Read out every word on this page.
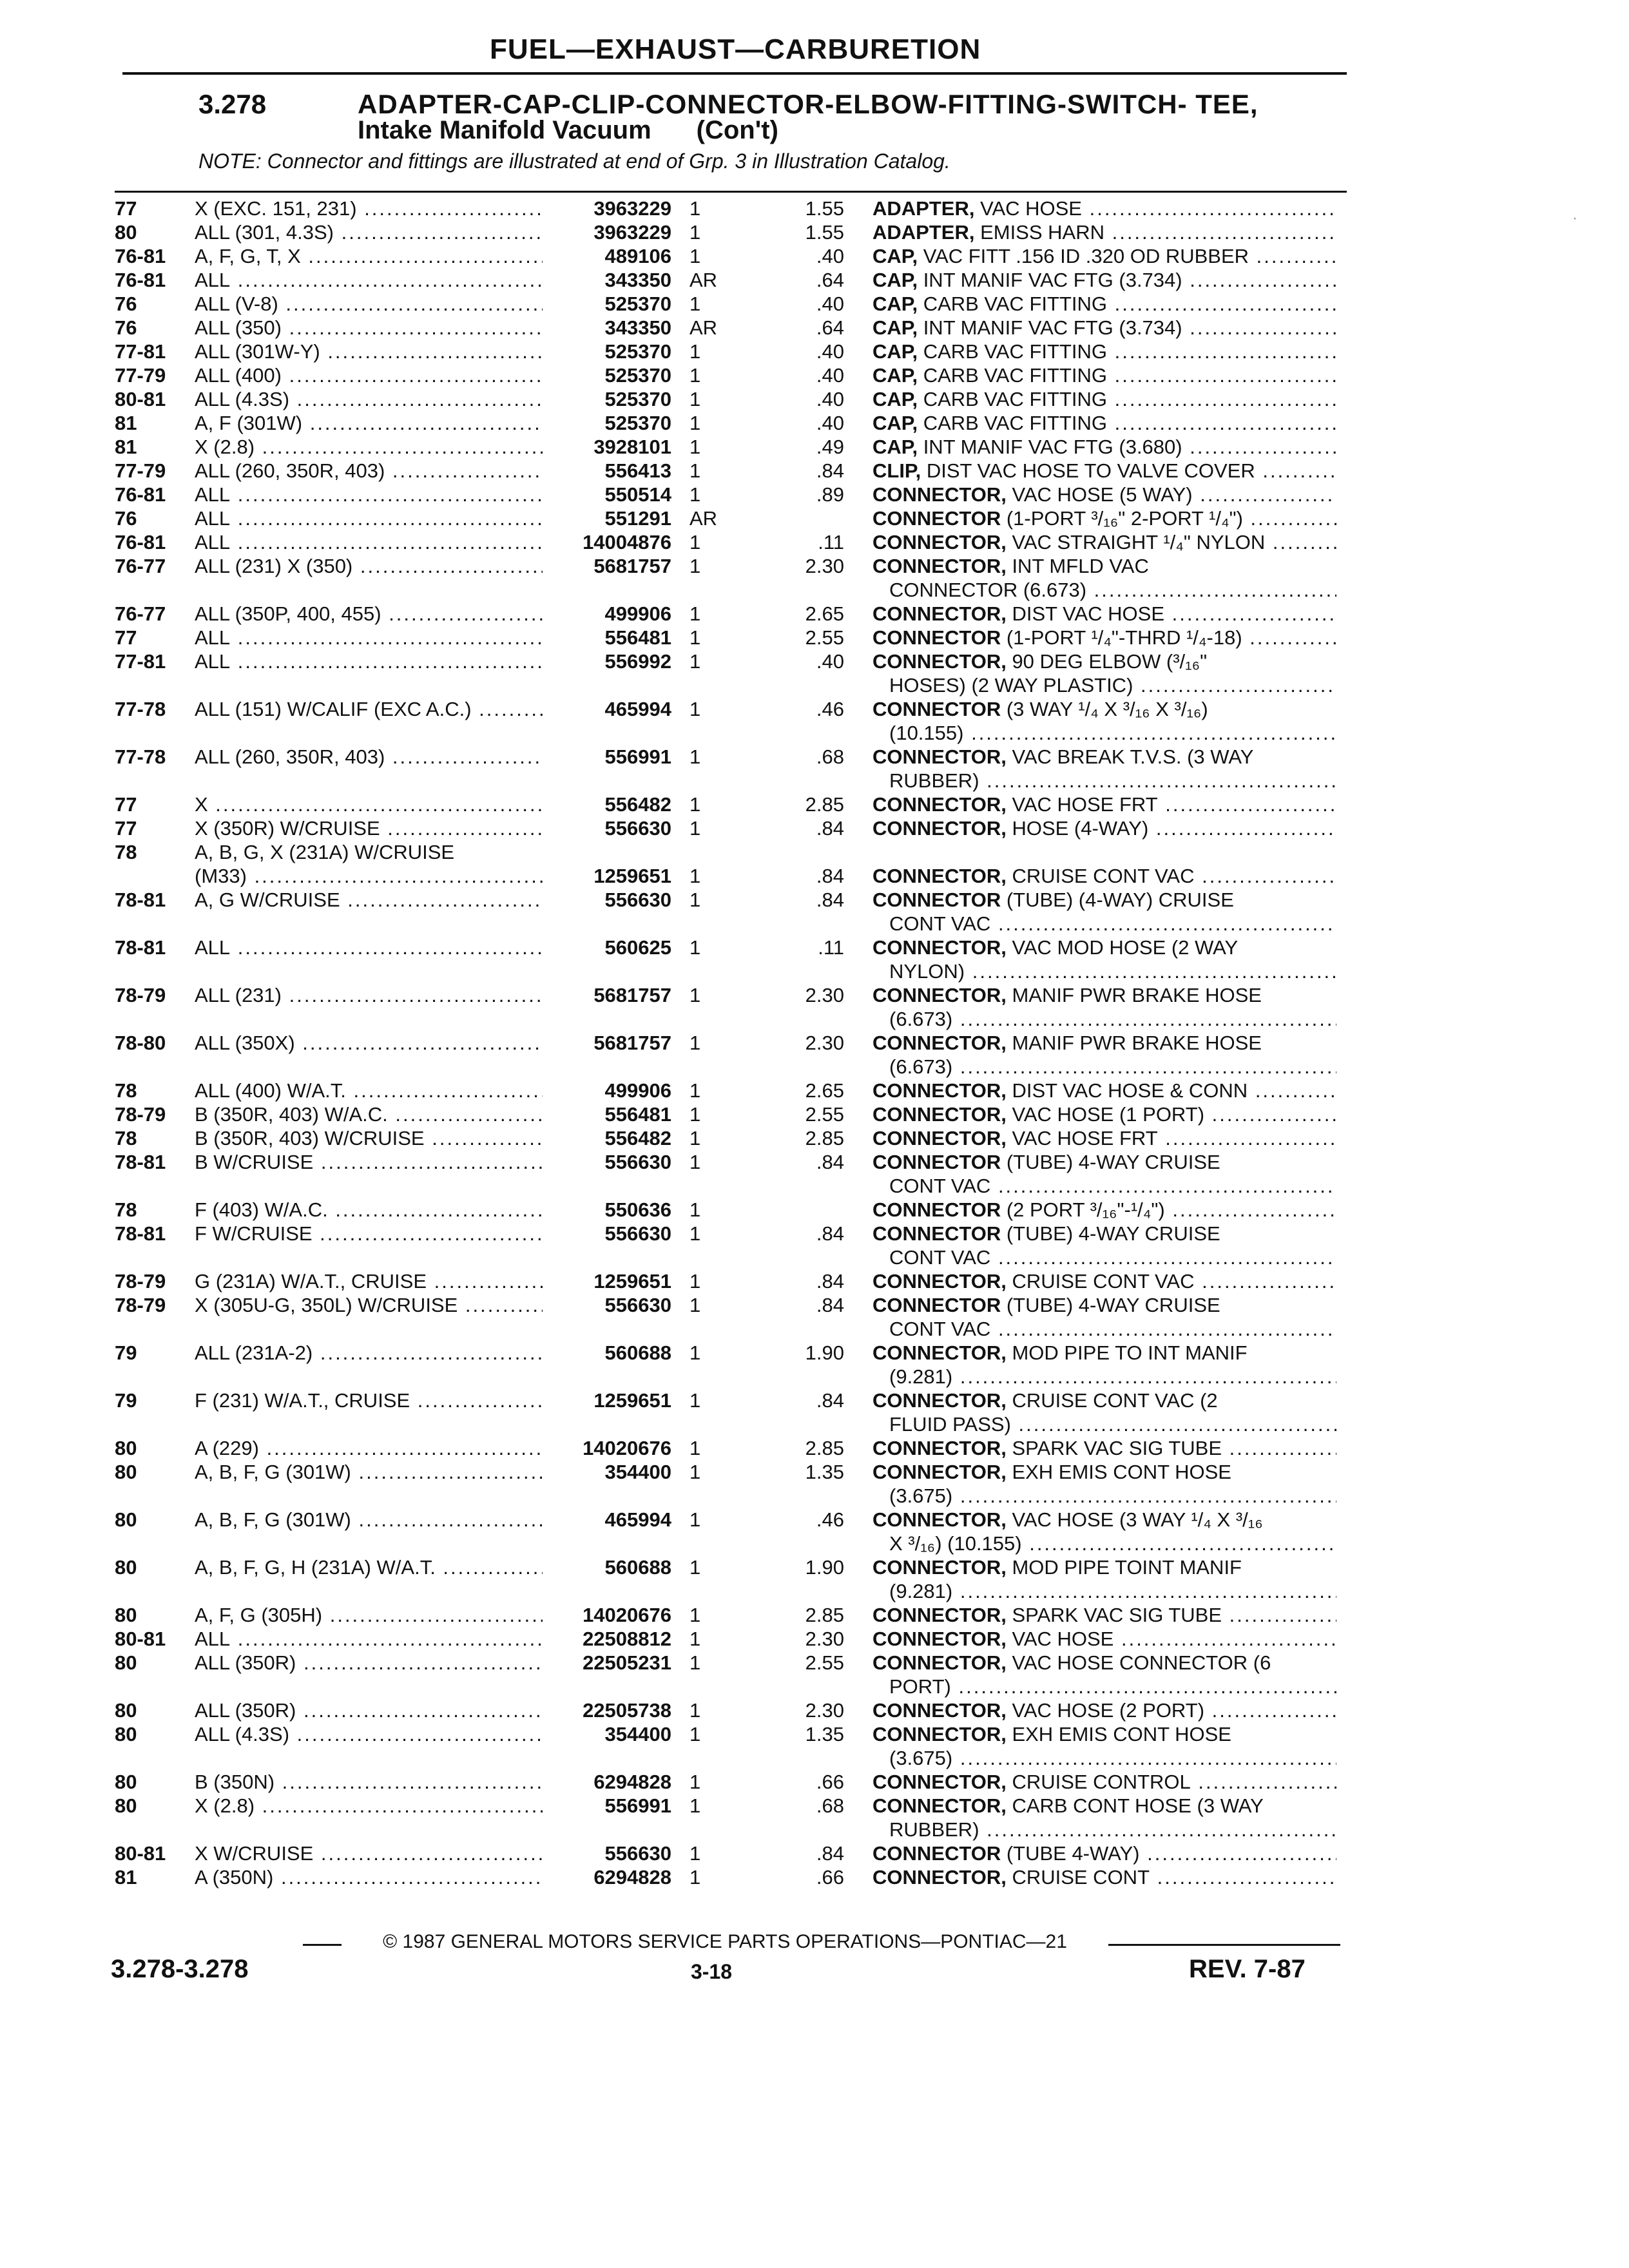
FUEL—EXHAUST—CARBURETION
3.278	ADAPTER-CAP-CLIP-CONNECTOR-ELBOW-FITTING-SWITCH- TEE,
Intake Manifold Vacuum (Con't)
NOTE: Connector and fittings are illustrated at end of Grp. 3 in Illustration Catalog.
·
77	X (EXC. 151, 231) .....	3963229 1	1.55 ADAPTER, VAC HOSE .....
80	ALL (301, 4.3S) .....	3963229 1	1.55 ADAPTER, EMISS HARN .....
76-81	A, F, G, T, X .....	489106 1	.40 CAP, VAC FITT .156 ID .320 OD RUBBER .....
76-81	ALL .....	343350 AR	.64 CAP, INT MANIF VAC FTG (3.734) .....
76	ALL (V-8) .....	525370 1	.40 CAP, CARB VAC FITTING .....
76	ALL (350) .....	343350 AR	.64 CAP, INT MANIF VAC FTG (3.734) .....
77-81	ALL (301W-Y) .....	525370 1	.40 CAP, CARB VAC FITTING .....
77-79	ALL (400) .....	525370 1	.40 CAP, CARB VAC FITTING .....
80-81	ALL (4.3S) .....	525370 1	.40 CAP, CARB VAC FITTING .....
81	A, F (301W) .....	525370 1	.40 CAP, CARB VAC FITTING .....
81	X (2.8) .....	3928101 1	.49 CAP, INT MANIF VAC FTG (3.680) .....
77-79	ALL (260, 350R, 403) .....	556413 1	.84 CLIP, DIST VAC HOSE TO VALVE COVER .....
76-81	ALL .....	550514 1	.89 CONNECTOR, VAC HOSE (5 WAY) .....
76	ALL .....	551291 AR	CONNECTOR (1-PORT ³/₁₆" 2-PORT ¹/₄") .....
76-81	ALL .....	14004876 1	.11 CONNECTOR, VAC STRAIGHT ¹/₄" NYLON .....
76-77	ALL (231) X (350) .....	5681757 1	2.30 CONNECTOR, INT MFLD VAC
CONNECTOR (6.673) .....
76-77	ALL (350P, 400, 455) .....	499906 1	2.65 CONNECTOR, DIST VAC HOSE .....
77	ALL .....	556481 1	2.55 CONNECTOR (1-PORT ¹/₄"-THRD ¹/₄-18) .....
77-81	ALL .....	556992 1	.40 CONNECTOR, 90 DEG ELBOW (³/₁₆"
HOSES) (2 WAY PLASTIC) .....
77-78	ALL (151) W/CALIF (EXC A.C.) .....	465994 1	.46 CONNECTOR (3 WAY ¹/₄ X ³/₁₆ X ³/₁₆)
(10.155) .....
77-78	ALL (260, 350R, 403) .....	556991 1	.68 CONNECTOR, VAC BREAK T.V.S. (3 WAY
RUBBER) .....
77	X .....	556482 1	2.85 CONNECTOR, VAC HOSE FRT .....
77	X (350R) W/CRUISE .....	556630 1	.84 CONNECTOR, HOSE (4-WAY) .....
78	A, B, G, X (231A) W/CRUISE
(M33) .....	1259651 1	.84 CONNECTOR, CRUISE CONT VAC .....
78-81	A, G W/CRUISE .....	556630 1	.84 CONNECTOR (TUBE) (4-WAY) CRUISE
CONT VAC .....
78-81	ALL .....	560625 1	.11 CONNECTOR, VAC MOD HOSE (2 WAY
NYLON) .....
78-79	ALL (231) .....	5681757 1	2.30 CONNECTOR, MANIF PWR BRAKE HOSE
(6.673) .....
78-80	ALL (350X) .....	5681757 1	2.30 CONNECTOR, MANIF PWR BRAKE HOSE
(6.673) .....
78	ALL (400) W/A.T. .....	499906 1	2.65 CONNECTOR, DIST VAC HOSE & CONN .....
78-79	B (350R, 403) W/A.C. .....	556481 1	2.55 CONNECTOR, VAC HOSE (1 PORT) .....
78	B (350R, 403) W/CRUISE .....	556482 1	2.85 CONNECTOR, VAC HOSE FRT .....
78-81	B W/CRUISE .....	556630 1	.84 CONNECTOR (TUBE) 4-WAY CRUISE
CONT VAC .....
78	F (403) W/A.C. .....	550636 1	CONNECTOR (2 PORT ³/₁₆"-¹/₄") .....
78-81	F W/CRUISE .....	556630 1	.84 CONNECTOR (TUBE) 4-WAY CRUISE
CONT VAC .....
78-79	G (231A) W/A.T., CRUISE .....	1259651 1	.84 CONNECTOR, CRUISE CONT VAC .....
78-79	X (305U-G, 350L) W/CRUISE .....	556630 1	.84 CONNECTOR (TUBE) 4-WAY CRUISE
CONT VAC .....
79	ALL (231A-2) .....	560688 1	1.90 CONNECTOR, MOD PIPE TO INT MANIF
(9.281) .....
79	F (231) W/A.T., CRUISE .....	1259651 1	.84 CONNECTOR, CRUISE CONT VAC (2
FLUID PASS) .....
80	A (229) .....	14020676 1	2.85 CONNECTOR, SPARK VAC SIG TUBE .....
80	A, B, F, G (301W) .....	354400 1	1.35 CONNECTOR, EXH EMIS CONT HOSE
(3.675) .....
80	A, B, F, G (301W) .....	465994 1	.46 CONNECTOR, VAC HOSE (3 WAY ¹/₄ X ³/₁₆
X ³/₁₆) (10.155) .....
80	A, B, F, G, H (231A) W/A.T. .....	560688 1	1.90 CONNECTOR, MOD PIPE TOINT MANIF
(9.281) .....
80	A, F, G (305H) .....	14020676 1	2.85 CONNECTOR, SPARK VAC SIG TUBE .....
80-81	ALL .....	22508812 1	2.30 CONNECTOR, VAC HOSE .....
80	ALL (350R) .....	22505231 1	2.55 CONNECTOR, VAC HOSE CONNECTOR (6
PORT) .....
80	ALL (350R) .....	22505738 1	2.30 CONNECTOR, VAC HOSE (2 PORT) .....
80	ALL (4.3S) .....	354400 1	1.35 CONNECTOR, EXH EMIS CONT HOSE
(3.675) .....
80	B (350N) .....	6294828 1	.66 CONNECTOR, CRUISE CONTROL .....
80	X (2.8) .....	556991 1	.68 CONNECTOR, CARB CONT HOSE (3 WAY
RUBBER) .....
80-81	X W/CRUISE .....	556630 1	.84 CONNECTOR (TUBE 4-WAY) .....
81	A (350N) .....	6294828 1	.66 CONNECTOR, CRUISE CONT .....
© 1987 GENERAL MOTORS SERVICE PARTS OPERATIONS—PONTIAC—21
3.278-3.278	3-18	REV. 7-87
